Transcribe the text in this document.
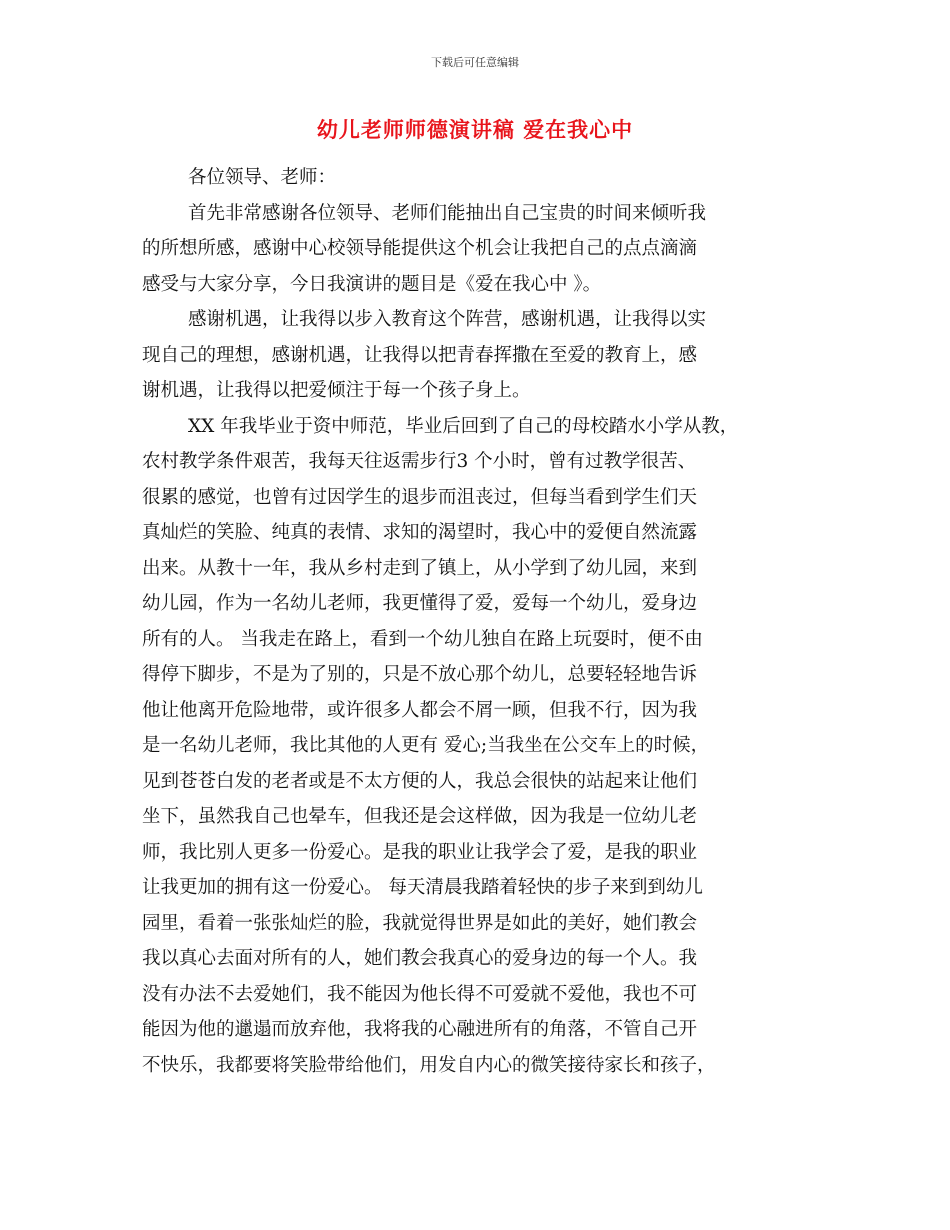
下载后可任意编辑
幼儿老师师德演讲稿 爱在我心中
各位领导、老师：
首先非常感谢各位领导、老师们能抽出自己宝贵的时间来倾听我
的所想所感，感谢中心校领导能提供这个机会让我把自己的点点滴滴
感受与大家分享，今日我演讲的题目是《爱在我心中 》。
感谢机遇，让我得以步入教育这个阵营，感谢机遇，让我得以实
现自己的理想，感谢机遇，让我得以把青春挥撒在至爱的教育上，感
谢机遇，让我得以把爱倾注于每一个孩子身上。
XX 年我毕业于资中师范，毕业后回到了自己的母校踏水小学从教，
农村教学条件艰苦，我每天往返需步行3 个小时，曾有过教学很苦、
很累的感觉，也曾有过因学生的退步而沮丧过，但每当看到学生们天
真灿烂的笑脸、纯真的表情、求知的渴望时，我心中的爱便自然流露
出来。从教十一年，我从乡村走到了镇上，从小学到了幼儿园，来到
幼儿园，作为一名幼儿老师，我更懂得了爱，爱每一个幼儿，爱身边
所有的人。 当我走在路上，看到一个幼儿独自在路上玩耍时，便不由
得停下脚步，不是为了别的，只是不放心那个幼儿，总要轻轻地告诉
他让他离开危险地带，或许很多人都会不屑一顾，但我不行，因为我
是一名幼儿老师，我比其他的人更有 爱心;当我坐在公交车上的时候，
见到苍苍白发的老者或是不太方便的人，我总会很快的站起来让他们
坐下，虽然我自己也晕车，但我还是会这样做，因为我是一位幼儿老
师，我比别人更多一份爱心。是我的职业让我学会了爱，是我的职业
让我更加的拥有这一份爱心。 每天清晨我踏着轻快的步子来到到幼儿
园里，看着一张张灿烂的脸，我就觉得世界是如此的美好，她们教会
我以真心去面对所有的人，她们教会我真心的爱身边的每一个人。我
没有办法不去爱她们，我不能因为他长得不可爱就不爱他，我也不可
能因为他的邋遢而放弃他，我将我的心融进所有的角落，不管自己开
不快乐，我都要将笑脸带给他们，用发自内心的微笑接待家长和孩子，
